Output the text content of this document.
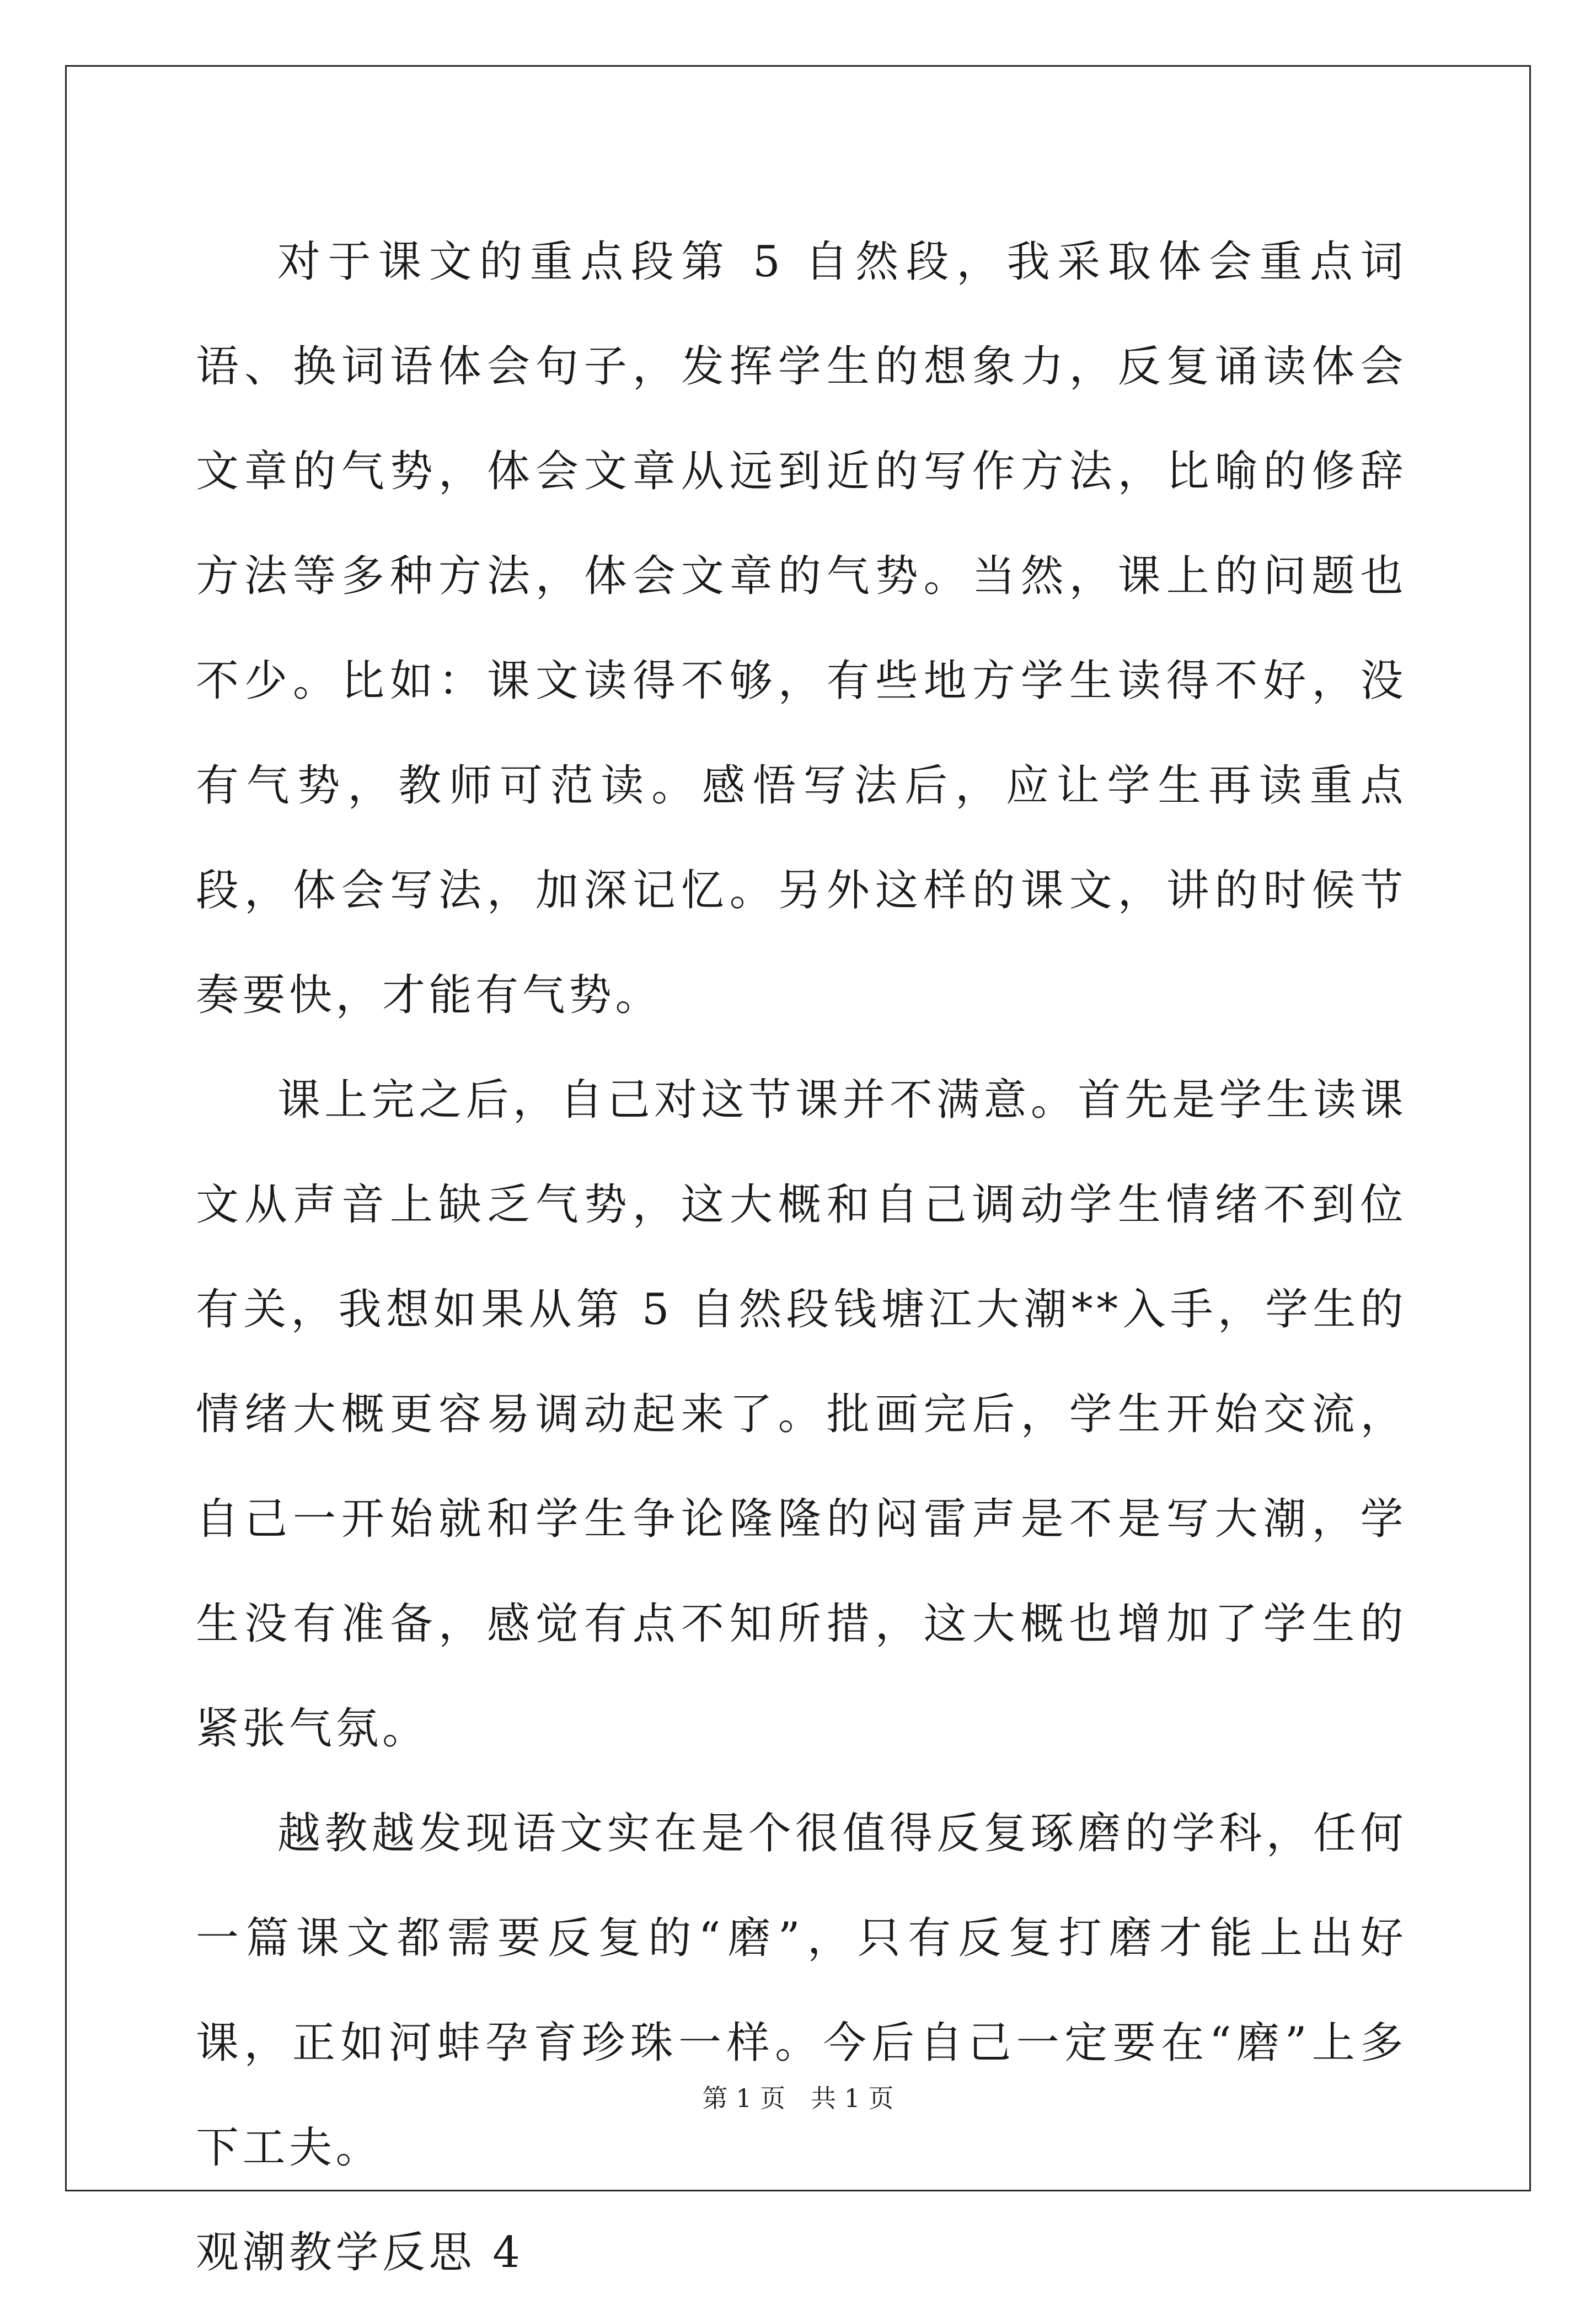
对于课文的重点段第 5 自然段，我采取体会重点词语、换词语体会句子，发挥学生的想象力，反复诵读体会文章的气势，体会文章从远到近的写作方法，比喻的修辞方法等多种方法，体会文章的气势。当然，课上的问题也不少。比如：课文读得不够，有些地方学生读得不好，没有气势，教师可范读。感悟写法后，应让学生再读重点段，体会写法，加深记忆。另外这样的课文，讲的时候节奏要快，才能有气势。

课上完之后，自己对这节课并不满意。首先是学生读课文从声音上缺乏气势，这大概和自己调动学生情绪不到位有关，我想如果从第 5 自然段钱塘江大潮**入手，学生的情绪大概更容易调动起来了。批画完后，学生开始交流，自己一开始就和学生争论隆隆的闷雷声是不是写大潮，学生没有准备，感觉有点不知所措，这大概也增加了学生的紧张气氛。

越教越发现语文实在是个很值得反复琢磨的学科，任何一篇课文都需要反复的“磨”，只有反复打磨才能上出好课，正如河蚌孕育珍珠一样。今后自己一定要在“磨”上多下工夫。

观潮教学反思 4

第 1 页 共 1 页
